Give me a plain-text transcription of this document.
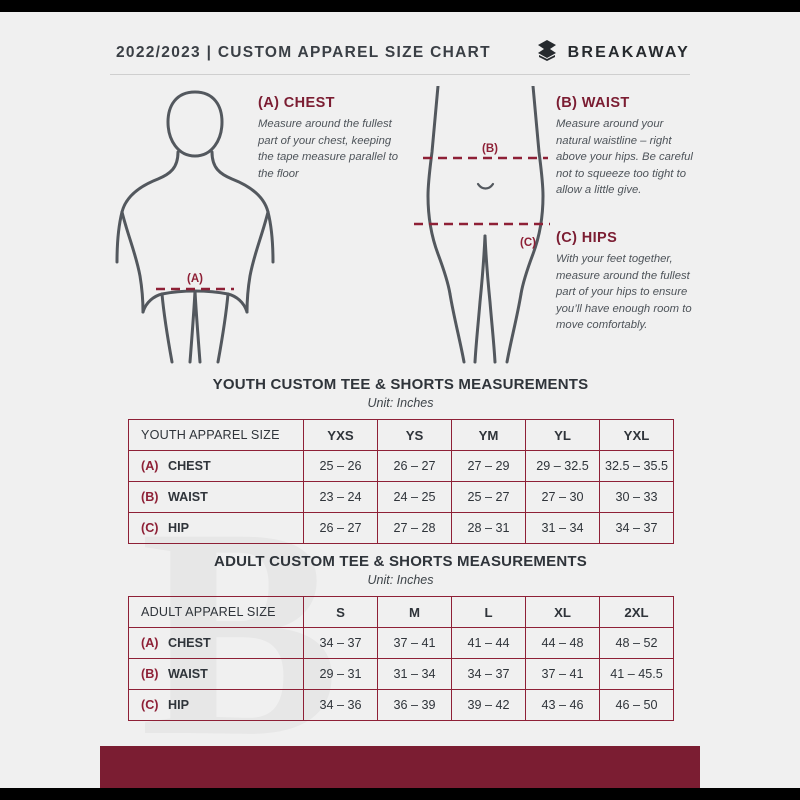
2022/2023 | CUSTOM APPAREL SIZE CHART	BREAKAWAY
(A)
(B)
(C)
(A) CHEST
Measure around the fullest part of your chest, keeping the tape measure parallel to the floor
(B) WAIST
Measure around your natural waistline – right above your hips. Be careful not to squeeze too tight to allow a little give.
(C) HIPS
With your feet together, measure around the fullest part of your hips to ensure you’ll have enough room to move comfortably.
YOUTH CUSTOM TEE & SHORTS MEASUREMENTS
Unit: Inches
YOUTH APPAREL SIZE	YXS	YS	YM	YL	YXL
(A) CHEST	25 – 26	26 – 27	27 – 29	29 – 32.5	32.5 – 35.5
(B) WAIST	23 – 24	24 – 25	25 – 27	27 – 30	30 – 33
(C) HIP	26 – 27	27 – 28	28 – 31	31 – 34	34 – 37
ADULT CUSTOM TEE & SHORTS MEASUREMENTS
Unit: Inches
ADULT APPAREL SIZE	S	M	L	XL	2XL
(A) CHEST	34 – 37	37 – 41	41 – 44	44 – 48	48 – 52
(B) WAIST	29 – 31	31 – 34	34 – 37	37 – 41	41 – 45.5
(C) HIP	34 – 36	36 – 39	39 – 42	43 – 46	46 – 50
